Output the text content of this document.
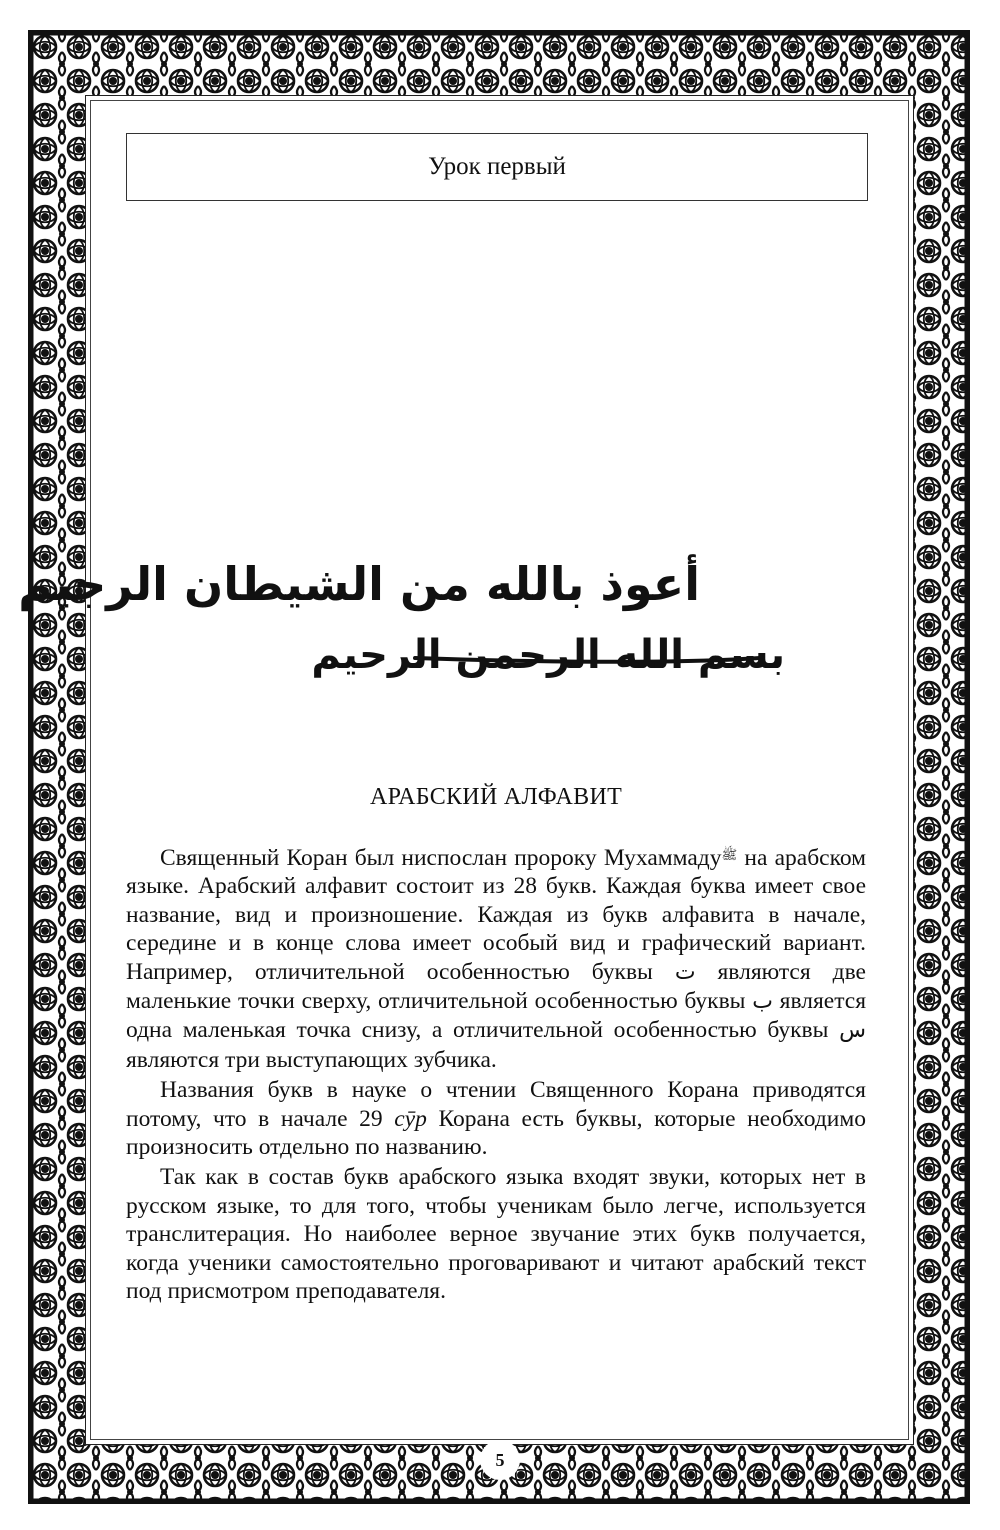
Урок первый
أعوذ بالله من الشيطان الرجيم
بسم الله الرحمن الرحيم
АРАБСКИЙ АЛФАВИТ

Священный Коран был ниспослан пророку Мухаммаду$^ﷺ$ на арабском языке. Арабский алфавит состоит из 28 букв. Каждая буква имеет свое название, вид и произношение. Каждая из букв алфавита в начале, середине и в конце слова имеет особый вид и графический вариант. Например, отличительной особенностью буквы ت являются две маленькие точки сверху, отличительной особенностью буквы ب является одна маленькая точка снизу, а отличительной особенностью буквы س являются три выступающих зубчика.

Названия букв в науке о чтении Священного Корана приводятся потому, что в начале 29 сӯр Корана есть буквы, которые необходимо произносить отдельно по названию.

Так как в состав букв арабского языка входят звуки, которых нет в русском языке, то для того, чтобы ученикам было легче, используется транслитерация. Но наиболее верное звучание этих букв получается, когда ученики самостоятельно проговаривают и читают арабский текст под присмотром преподавателя.

5
